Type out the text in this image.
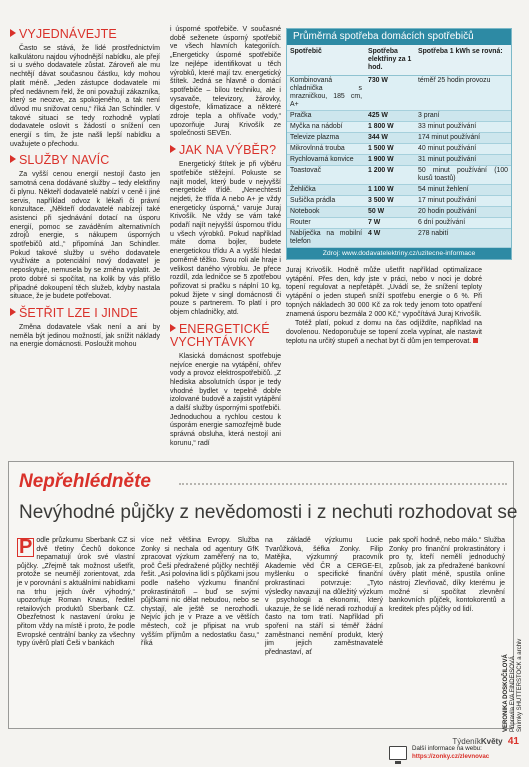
VYJEDNÁVEJTE

Často se stává, že lidé prostřednictvím kalkulátoru najdou výhodnější nabídku, ale přejí si u svého dodavatele zůstat. Zároveň ale mu nechtějí dávat současnou částku, kdy mohou platit méně. „Jeden zástupce dodavatele mi před nedávnem řekl, že oni považují zákazníka, který se neozve, za spokojeného, a tak není důvod mu snižovat cenu,“ říká Jan Schindler. V takové situaci se tedy rozhodně vyplatí dodavatele oslovit s žádostí o snížení cen energií s tím, že jste našli lepší nabídku a uvažujete o přechodu.

SLUŽBY NAVÍC

Za vyšší cenou energií nestojí často jen samotná cena dodávané služby – tedy elektřiny či plynu. Někteří dodavatelé nabízí v ceně i jiné servis, například odvoz k lékaři či právní konzultace. „Někteří dodavatelé nabízejí také asistenci při sjednávání dotací na úsporu energií, pomoc se zaváděním alternativních zdrojů energie, s nákupem úsporných spotřebičů atd.,“ připomíná Jan Schindler. Pokud takové služby u svého dodavatele využíváte a potenciální nový dodavatel je neposkytuje, nemusela by se změna vyplatit. Je proto dobré si spočítat, na kolik by vás přišlo případné dokoupení těch služeb, kdyby nastala situace, že je budete potřebovat.

ŠETŘIT LZE I JINDE

Změna dodavatele však není a ani by neměla být jedinou možností, jak snížit náklady na energie domácnosti. Posloužit mohou

i úsporné spotřebiče. V současné době seženete úsporný spotřebič ve všech hlavních kategoriích. „Energeticky úsporné spotřebiče lze nejlépe identifikovat u těch výrobků, které mají tzv. energetický štítek. Jedná se hlavně o domácí spotřebiče – bílou techniku, ale i vysavače, televizory, žárovky, digestoře, klimatizace a některé zdroje tepla a ohřívače vody,“ upozorňuje Juraj Krivošík ze společnosti SEVEn.

JAK NA VÝBĚR?

Energetický štítek je při výběru spotřebiče stěžejní. Pokuste se najít model, který bude v nejvyšší energetické třídě. „Nenechtesti nejdeti, že třída A nebo A+ je vždy energeticky úsporná,“ varuje Juraj Krivošík. Ne vždy se vám také podaří najít nejvyšší úspornou třídu u všech výrobků. Pokud například máte doma bojler, budete energetickou třídu A a vyšší hledat poměrně těžko. Svou roli ale hraje i velikost daného výrobku. Je přece rozdíl, zda ledničce se 5 zpotřebou pořizovat si pračku s náplní 10 kg, pokud žijete v singl domácnosti či pouze s partnerem. To platí i pro objem chladničky, atd.

ENERGETICKÉ VYCHYTÁVKY

Klasická domácnost spotřebuje nejvíce energie na vytápění, ohřev vody a provoz elektrospotřebičů. „Z hlediska absolutních úspor je tedy vhodné bydlet v tepelně dobře izolované budově a zajistit vytápění a další služby úspornými spotřebiči. Jednoduchou a rychlou cestou k úsporám energie samozřejmě bude správná obsluha, která nestojí ani korunu,“ radí

Průměrná spotřeba domácích spotřebičů
Spotřebič	Spotřeba elektřiny za 1 hod.	Spotřeba 1 kWh se rovná:
Kombinovaná chladnička s mrazničkou, 185 cm, A+	730 W	téměř 25 hodin provozu
Pračka	425 W	3 praní
Myčka na nádobí	1 800 W	33 minut používání
Televize plazma	344 W	174 minut používání
Mikrovlnná trouba	1 500 W	40 minut používání
Rychlovarná konvice	1 900 W	31 minut používání
Toastovač	1 200 W	50 minut používání (100 kusů toastů)
Žehlička	1 100 W	54 minut žehlení
Sušička prádla	3 500 W	17 minut používání
Notebook	50 W	20 hodin používání
Router	7 W	6 dní používání
Nabíječka na mobilní telefon	4 W	278 nabití
Zdroj: www.dodavatelektriny.cz/uzitecne-informace

Juraj Krivošík. Hodně může ušetřit například optimalizace vytápění. Přes den, kdy jste v práci, nebo v noci je dobré topení regulovat a nepřetápět. „Uvádí se, že snížení teploty vytápění o jeden stupeň sníží spotřebu energie o 6 %. Při topných nákladech 30 000 Kč za rok tedy jenom toto opatření znamená úsporu bezmála 2 000 Kč,“ vypočítává Juraj Krivošík.

Totéž platí, pokud z domu na čas odjíždíte, například na dovolenou. Nedoporučuje se topení zcela vypínat, ale nastavit teplotu na určitý stupeň a nechat byt či dům jen temperovat.

Nepřehlédněte
Nevýhodné půjčky z nevědomosti i z nechuti rozhodovat se
P odle průzkumu Sberbank CZ si dvě třetiny Čechů dokonce nepamatují úrok své vlastní půjčky. „Zřejmě tak možnost ušetřit, protože se neumějí zorientovat, zda je v porovnání s aktuálními nabídkami na trhu jejich úvěr výhodný,“ upozorňuje Roman Knaus, ředitel retailových produktů Sberbank CZ. Obezřetnost k nastavení úroku je přitom vždy na místě i proto, že podle Evropské centrální banky za všechny typy úvěrů platí Češi v bankách
více než většina Evropy. Služba Zonky si nechala od agentury GfK zpracovat výzkum zaměřený na to, proč Češi předražené půjčky nechtějí řešit. „Asi polovina lidí s půjčkami jsou podle našeho výzkumu finanční prokrastinátoři – buď se svými půjčkami nic dělat nebudou, nebo se chystají, ale ještě se nerozhodli. Nejvíc jich je v Praze a ve větších městech, což je připisat na vrub vyšším příjmům a nedostatku času,“ říká
na základě výzkumu Lucie Tvarůžková, šéfka Zonky. Filip Matějka, výzkumný pracovník Akademie věd ČR a CERGE-EI, myšlenku o specifické finanční prokrastinaci potvrzuje: „Tyto výsledky navazují na důležitý výzkum v psychologii a ekonomii, který ukazuje, že se lidé neradi rozhodují a často na tom tratí. Například při spoření na stáří si téměř žádní zaměstnanci nemění produkt, který jim jejich zaměstnavatelé přednastaví, ať
pak spoří hodně, nebo málo.“ Služba Zonky pro finanční prokrastinátory i pro ty, kteří nemělí jednoduchý způsob, jak za předražené bankovní úvěry platit méně, spustila online nástroj Zlevňovač, díky kterému je možné si spočítat zlevnění bankovních půjček, kontokorentů a kreditek přes půjčky od lidí.
Další informace na webu:
https://zonky.cz/zlevnovac
VERONIKA DOSKOČILOVÁ Připravila EVA FINDEISOVÁ Snímky SHUTTERSTOCK a archiv
TýdeníkKvěty 41
